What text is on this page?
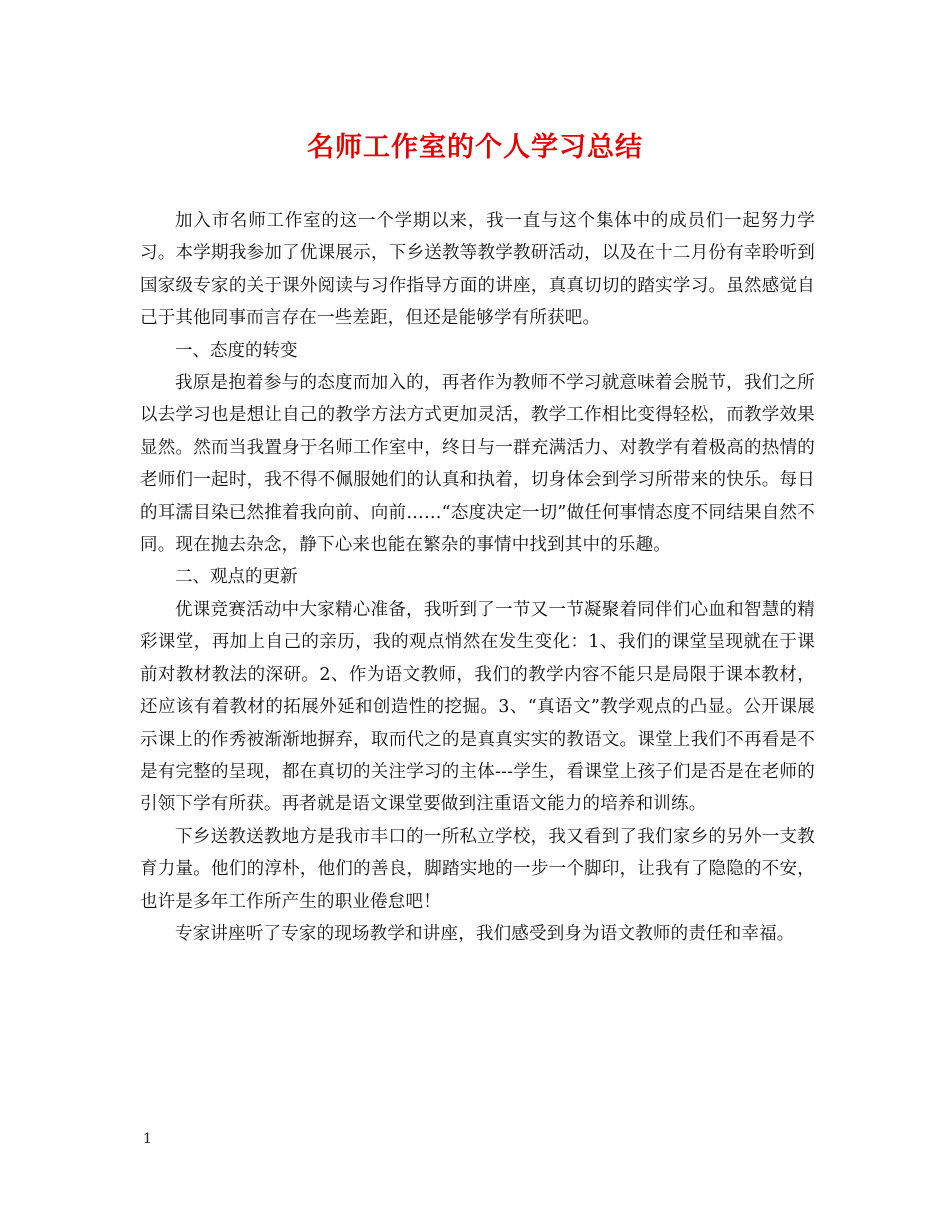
名师工作室的个人学习总结

加入市名师工作室的这一个学期以来，我一直与这个集体中的成员们一起努力学习。本学期我参加了优课展示，下乡送教等教学教研活动，以及在十二月份有幸聆听到国家级专家的关于课外阅读与习作指导方面的讲座，真真切切的踏实学习。虽然感觉自己于其他同事而言存在一些差距，但还是能够学有所获吧。

一、态度的转变

我原是抱着参与的态度而加入的，再者作为教师不学习就意味着会脱节，我们之所以去学习也是想让自己的教学方法方式更加灵活，教学工作相比变得轻松，而教学效果显然。然而当我置身于名师工作室中，终日与一群充满活力、对教学有着极高的热情的老师们一起时，我不得不佩服她们的认真和执着，切身体会到学习所带来的快乐。每日的耳濡目染已然推着我向前、向前……“态度决定一切”做任何事情态度不同结果自然不同。现在抛去杂念，静下心来也能在繁杂的事情中找到其中的乐趣。

二、观点的更新

优课竞赛活动中大家精心准备，我听到了一节又一节凝聚着同伴们心血和智慧的精彩课堂，再加上自己的亲历，我的观点悄然在发生变化：1、我们的课堂呈现就在于课前对教材教法的深研。2、作为语文教师，我们的教学内容不能只是局限于课本教材，还应该有着教材的拓展外延和创造性的挖掘。3、“真语文”教学观点的凸显。公开课展示课上的作秀被渐渐地摒弃，取而代之的是真真实实的教语文。课堂上我们不再看是不是有完整的呈现，都在真切的关注学习的主体---学生，看课堂上孩子们是否是在老师的引领下学有所获。再者就是语文课堂要做到注重语文能力的培养和训练。

下乡送教送教地方是我市丰口的一所私立学校，我又看到了我们家乡的另外一支教育力量。他们的淳朴，他们的善良，脚踏实地的一步一个脚印，让我有了隐隐的不安，也许是多年工作所产生的职业倦怠吧！

专家讲座听了专家的现场教学和讲座，我们感受到身为语文教师的责任和幸福。

1
